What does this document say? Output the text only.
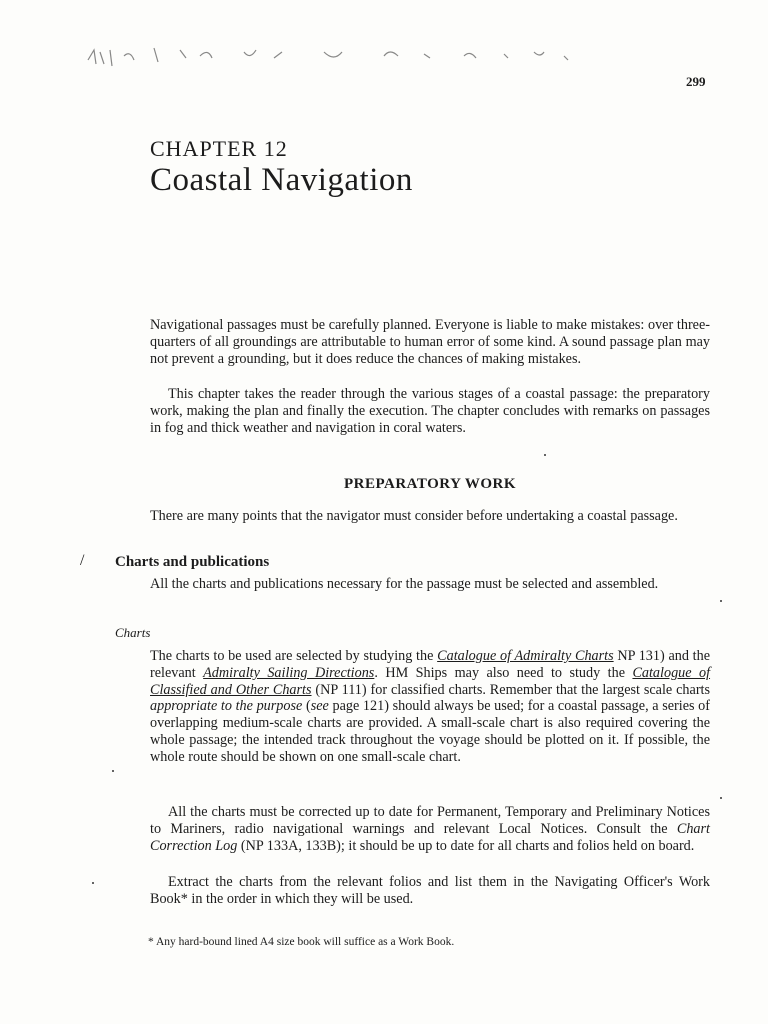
299
CHAPTER 12
Coastal Navigation

Navigational passages must be carefully planned. Everyone is liable to make mistakes: over three-quarters of all groundings are attributable to human error of some kind. A sound passage plan may not prevent a grounding, but it does reduce the chances of making mistakes.

This chapter takes the reader through the various stages of a coastal passage: the preparatory work, making the plan and finally the execution. The chapter concludes with remarks on passages in fog and thick weather and navigation in coral waters.

PREPARATORY WORK

There are many points that the navigator must consider before undertaking a coastal passage.

/ Charts and publications

All the charts and publications necessary for the passage must be selected and assembled.

Charts

The charts to be used are selected by studying the Catalogue of Admiralty Charts NP 131) and the relevant Admiralty Sailing Directions. HM Ships may also need to study the Catalogue of Classified and Other Charts (NP 111) for classified charts. Remember that the largest scale charts appropriate to the purpose (see page 121) should always be used; for a coastal passage, a series of overlapping medium-scale charts are provided. A small-scale chart is also required covering the whole passage; the intended track throughout the voyage should be plotted on it. If possible, the whole route should be shown on one small-scale chart.

All the charts must be corrected up to date for Permanent, Temporary and Preliminary Notices to Mariners, radio navigational warnings and relevant Local Notices. Consult the Chart Correction Log (NP 133A, 133B); it should be up to date for all charts and folios held on board.

Extract the charts from the relevant folios and list them in the Navigating Officer's Work Book* in the order in which they will be used.

* Any hard-bound lined A4 size book will suffice as a Work Book.
